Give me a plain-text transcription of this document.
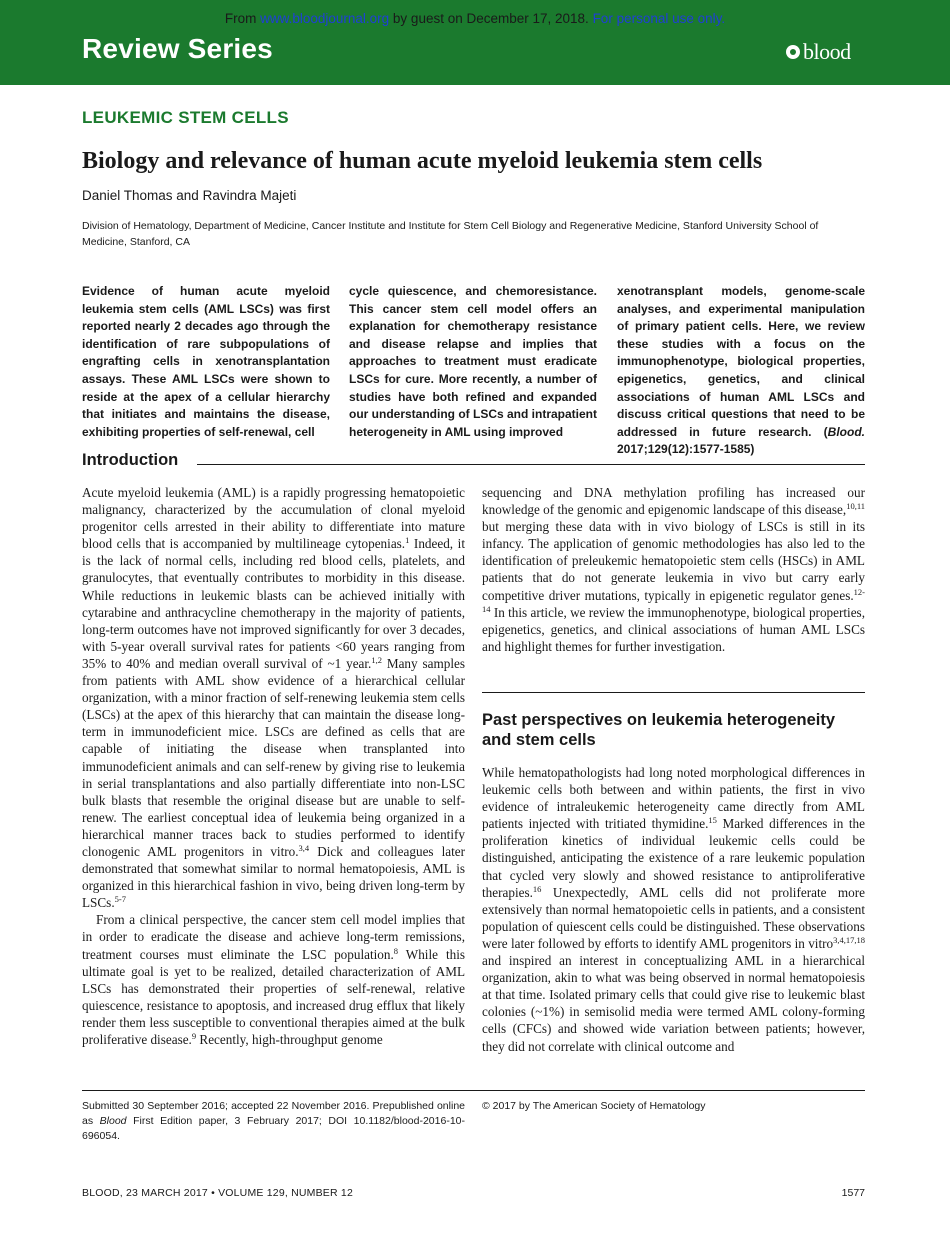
Review Series	blood
From www.bloodjournal.org by guest on December 17, 2018. For personal use only.
LEUKEMIC STEM CELLS
Biology and relevance of human acute myeloid leukemia stem cells
Daniel Thomas and Ravindra Majeti
Division of Hematology, Department of Medicine, Cancer Institute and Institute for Stem Cell Biology and Regenerative Medicine, Stanford University School of Medicine, Stanford, CA
Evidence of human acute myeloid leukemia stem cells (AML LSCs) was first reported nearly 2 decades ago through the identification of rare subpopulations of engrafting cells in xenotransplantation assays. These AML LSCs were shown to reside at the apex of a cellular hierarchy that initiates and maintains the disease, exhibiting properties of self-renewal, cell
cycle quiescence, and chemoresistance. This cancer stem cell model offers an explanation for chemotherapy resistance and disease relapse and implies that approaches to treatment must eradicate LSCs for cure. More recently, a number of studies have both refined and expanded our understanding of LSCs and intrapatient heterogeneity in AML using improved
xenotransplant models, genome-scale analyses, and experimental manipulation of primary patient cells. Here, we review these studies with a focus on the immunophenotype, biological properties, epigenetics, genetics, and clinical associations of human AML LSCs and discuss critical questions that need to be addressed in future research. (Blood. 2017;129(12):1577-1585)
Introduction

Acute myeloid leukemia (AML) is a rapidly progressing hematopoietic malignancy, characterized by the accumulation of clonal myeloid progenitor cells arrested in their ability to differentiate into mature blood cells that is accompanied by multilineage cytopenias.$^1$ Indeed, it is the lack of normal cells, including red blood cells, platelets, and granulocytes, that eventually contributes to morbidity in this disease. While reductions in leukemic blasts can be achieved initially with cytarabine and anthracycline chemotherapy in the majority of patients, long-term outcomes have not improved significantly for over 3 decades, with 5-year overall survival rates for patients <60 years ranging from 35% to 40% and median overall survival of ~1 year.$^{1,2}$ Many samples from patients with AML show evidence of a hierarchical cellular organization, with a minor fraction of self-renewing leukemia stem cells (LSCs) at the apex of this hierarchy that can maintain the disease long-term in immunodeficient mice. LSCs are defined as cells that are capable of initiating the disease when transplanted into immunodeficient animals and can self-renew by giving rise to leukemia in serial transplantations and also partially differentiate into non-LSC bulk blasts that resemble the original disease but are unable to self-renew. The earliest conceptual idea of leukemia being organized in a hierarchical manner traces back to studies performed to identify clonogenic AML progenitors in vitro.$^{3,4}$ Dick and colleagues later demonstrated that somewhat similar to normal hematopoiesis, AML is organized in this hierarchical fashion in vivo, being driven long-term by LSCs.$^{5-7}$

From a clinical perspective, the cancer stem cell model implies that in order to eradicate the disease and achieve long-term remissions, treatment courses must eliminate the LSC population.$^8$ While this ultimate goal is yet to be realized, detailed characterization of AML LSCs has demonstrated their properties of self-renewal, relative quiescence, resistance to apoptosis, and increased drug efflux that likely render them less susceptible to conventional therapies aimed at the bulk proliferative disease.$^9$ Recently, high-throughput genome

sequencing and DNA methylation profiling has increased our knowledge of the genomic and epigenomic landscape of this disease,$^{10,11}$ but merging these data with in vivo biology of LSCs is still in its infancy. The application of genomic methodologies has also led to the identification of preleukemic hematopoietic stem cells (HSCs) in AML patients that do not generate leukemia in vivo but carry early competitive driver mutations, typically in epigenetic regulator genes.$^{12-14}$ In this article, we review the immunophenotype, biological properties, epigenetics, genetics, and clinical associations of human AML LSCs and highlight themes for further investigation.

Past perspectives on leukemia heterogeneity and stem cells

While hematopathologists had long noted morphological differences in leukemic cells both between and within patients, the first in vivo evidence of intraleukemic heterogeneity came directly from AML patients injected with tritiated thymidine.$^{15}$ Marked differences in the proliferation kinetics of individual leukemic cells could be distinguished, anticipating the existence of a rare leukemic population that cycled very slowly and showed resistance to antiproliferative therapies.$^{16}$ Unexpectedly, AML cells did not proliferate more extensively than normal hematopoietic cells in patients, and a consistent population of quiescent cells could be distinguished. These observations were later followed by efforts to identify AML progenitors in vitro$^{3,4,17,18}$ and inspired an interest in conceptualizing AML in a hierarchical organization, akin to what was being observed in normal hematopoiesis at that time. Isolated primary cells that could give rise to leukemic blast colonies (~1%) in semisolid media were termed AML colony-forming cells (CFCs) and showed wide variation between patients; however, they did not correlate with clinical outcome and

Submitted 30 September 2016; accepted 22 November 2016. Prepublished online as Blood First Edition paper, 3 February 2017; DOI 10.1182/blood-2016-10-696054.
© 2017 by The American Society of Hematology
BLOOD, 23 MARCH 2017 • VOLUME 129, NUMBER 12	1577
